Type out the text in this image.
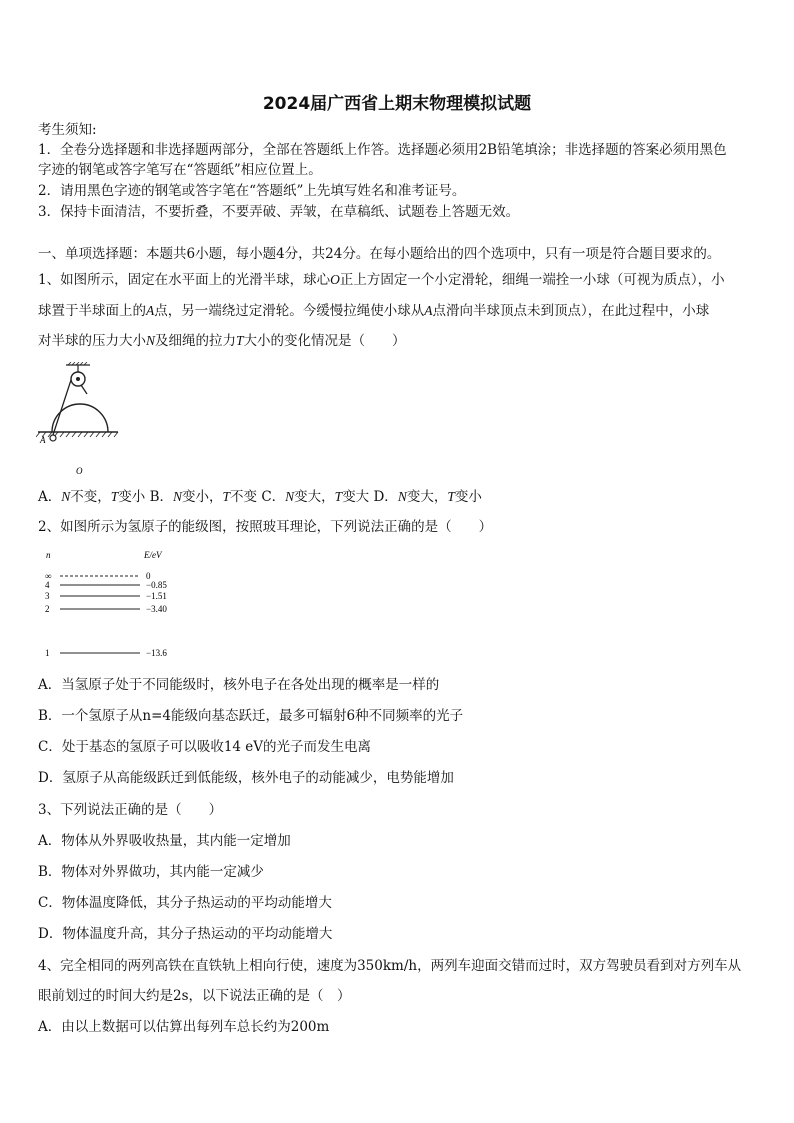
2024届广西省上期末物理模拟试题
考生须知:
1．全卷分选择题和非选择题两部分，全部在答题纸上作答。选择题必须用2B铅笔填涂；非选择题的答案必须用黑色
字迹的钢笔或答字笔写在“答题纸”相应位置上。
2．请用黑色字迹的钢笔或答字笔在“答题纸”上先填写姓名和准考证号。
3．保持卡面清洁，不要折叠，不要弄破、弄皱，在草稿纸、试题卷上答题无效。
一、单项选择题：本题共6小题，每小题4分，共24分。在每小题给出的四个选项中，只有一项是符合题目要求的。
1、如图所示，固定在水平面上的光滑半球，球心O正上方固定一个小定滑轮，细绳一端拴一小球（可视为质点），小
球置于半球面上的A点，另一端绕过定滑轮。今缓慢拉绳使小球从A点滑向半球顶点未到顶点），在此过程中，小球
对半球的压力大小N及细绳的拉力T大小的变化情况是（　　）
A
O
A．N不变，T变小 B．N变小，T不变 C．N变大，T变大 D．N变大，T变小
2、如图所示为氢原子的能级图，按照玻耳理论，下列说法正确的是（　　）
n	E/eV
∞
4
3
2
1
0
−0.85
−1.51
−3.40
−13.6
A．当氢原子处于不同能级时，核外电子在各处出现的概率是一样的
B．一个氢原子从n=4能级向基态跃迁，最多可辐射6种不同频率的光子
C．处于基态的氢原子可以吸收14 eV的光子而发生电离
D．氢原子从高能级跃迁到低能级，核外电子的动能减少，电势能增加
3、下列说法正确的是（　　）
A．物体从外界吸收热量，其内能一定增加
B．物体对外界做功，其内能一定减少
C．物体温度降低，其分子热运动的平均动能增大
D．物体温度升高，其分子热运动的平均动能增大
4、完全相同的两列高铁在直铁轨上相向行使，速度为350km/h，两列车迎面交错而过时，双方驾驶员看到对方列车从
眼前划过的时间大约是2s，以下说法正确的是（　）
A．由以上数据可以估算出每列车总长约为200m
